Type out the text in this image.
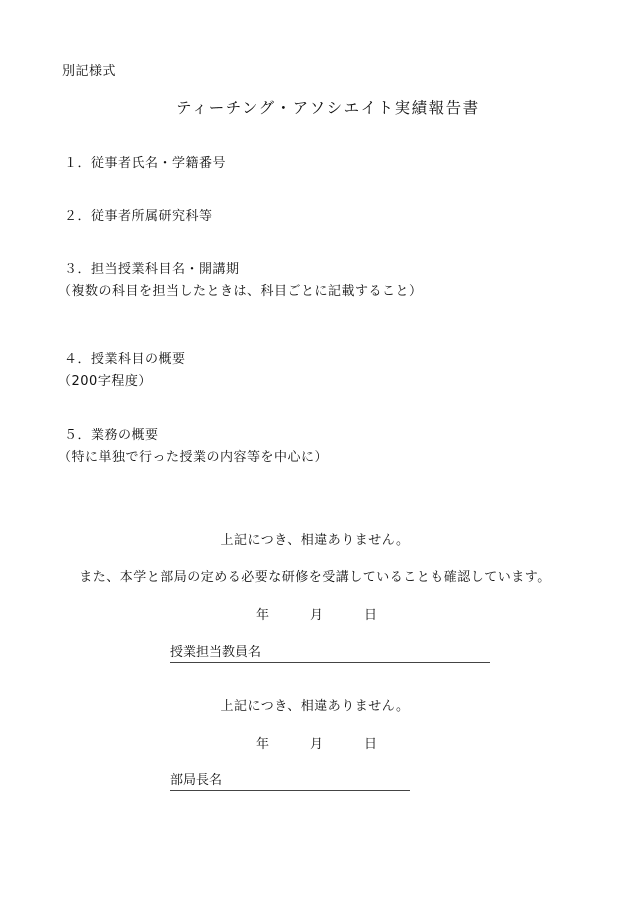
別記様式
ティーチング・アソシエイト実績報告書
１．従事者氏名・学籍番号
２．従事者所属研究科等
３．担当授業科目名・開講期
（複数の科目を担当したときは、科目ごとに記載すること）
４．授業科目の概要
（200字程度）
５．業務の概要
（特に単独で行った授業の内容等を中心に）
上記につき、相違ありません。
また、本学と部局の定める必要な研修を受講していることも確認しています。
年	月	日
授業担当教員名
上記につき、相違ありません。
年	月	日
部局長名
